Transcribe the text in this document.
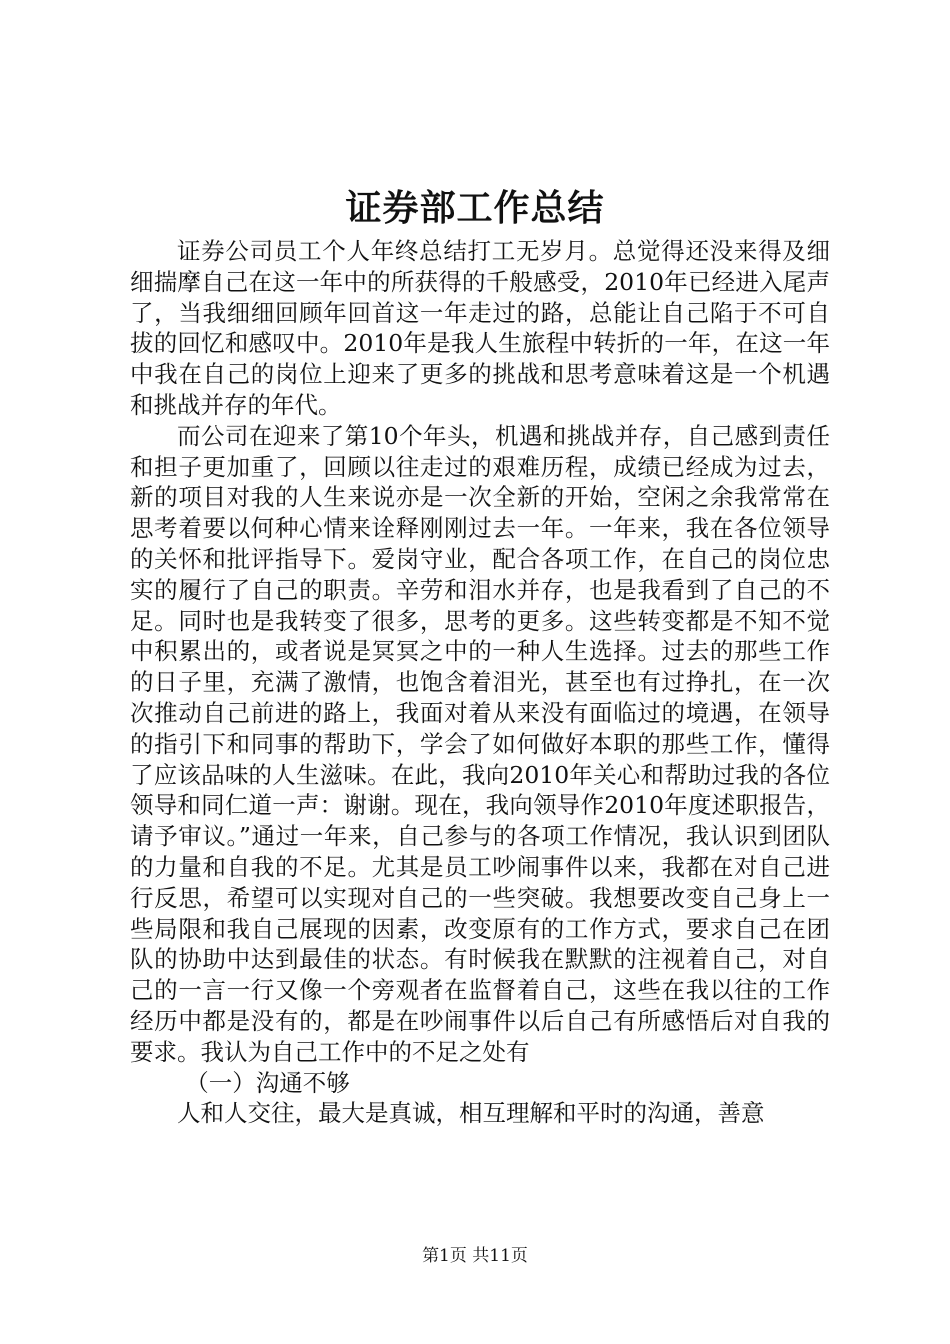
证券部工作总结

证券公司员工个人年终总结打工无岁月。总觉得还没来得及细细揣摩自己在这一年中的所获得的千般感受，2010年已经进入尾声了，当我细细回顾年回首这一年走过的路，总能让自己陷于不可自拔的回忆和感叹中。2010年是我人生旅程中转折的一年，在这一年中我在自己的岗位上迎来了更多的挑战和思考意味着这是一个机遇和挑战并存的年代。

而公司在迎来了第10个年头，机遇和挑战并存，自己感到责任和担子更加重了，回顾以往走过的艰难历程，成绩已经成为过去，新的项目对我的人生来说亦是一次全新的开始，空闲之余我常常在思考着要以何种心情来诠释刚刚过去一年。一年来，我在各位领导的关怀和批评指导下。爱岗守业，配合各项工作，在自己的岗位忠实的履行了自己的职责。辛劳和泪水并存，也是我看到了自己的不足。同时也是我转变了很多，思考的更多。这些转变都是不知不觉中积累出的，或者说是冥冥之中的一种人生选择。过去的那些工作的日子里，充满了激情，也饱含着泪光，甚至也有过挣扎，在一次次推动自己前进的路上，我面对着从来没有面临过的境遇，在领导的指引下和同事的帮助下，学会了如何做好本职的那些工作，懂得了应该品味的人生滋味。在此，我向2010年关心和帮助过我的各位领导和同仁道一声：谢谢。现在，我向领导作2010年度述职报告，请予审议。”通过一年来，自己参与的各项工作情况，我认识到团队的力量和自我的不足。尤其是员工吵闹事件以来，我都在对自己进行反思，希望可以实现对自己的一些突破。我想要改变自己身上一些局限和我自己展现的因素，改变原有的工作方式，要求自己在团队的协助中达到最佳的状态。有时候我在默默的注视着自己，对自己的一言一行又像一个旁观者在监督着自己，这些在我以往的工作经历中都是没有的，都是在吵闹事件以后自己有所感悟后对自我的要求。我认为自己工作中的不足之处有

（一）沟通不够

人和人交往，最大是真诚，相互理解和平时的沟通，善意

第1页 共11页
